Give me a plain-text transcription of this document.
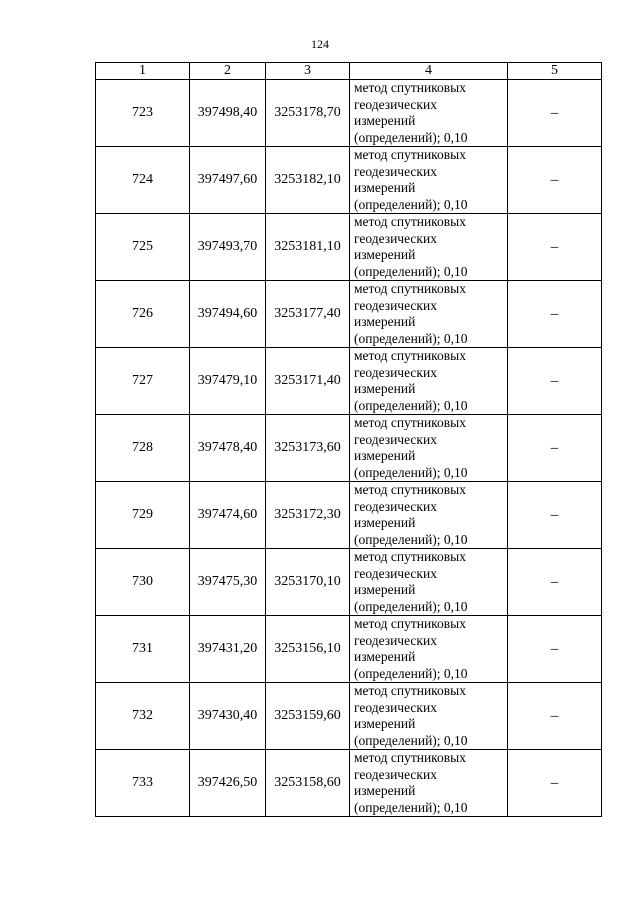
124
1	2	3	4	5
723	397498,40	3253178,70	метод спутниковых
геодезических
измерений
(определений); 0,10	–
724	397497,60	3253182,10	метод спутниковых
геодезических
измерений
(определений); 0,10	–
725	397493,70	3253181,10	метод спутниковых
геодезических
измерений
(определений); 0,10	–
726	397494,60	3253177,40	метод спутниковых
геодезических
измерений
(определений); 0,10	–
727	397479,10	3253171,40	метод спутниковых
геодезических
измерений
(определений); 0,10	–
728	397478,40	3253173,60	метод спутниковых
геодезических
измерений
(определений); 0,10	–
729	397474,60	3253172,30	метод спутниковых
геодезических
измерений
(определений); 0,10	–
730	397475,30	3253170,10	метод спутниковых
геодезических
измерений
(определений); 0,10	–
731	397431,20	3253156,10	метод спутниковых
геодезических
измерений
(определений); 0,10	–
732	397430,40	3253159,60	метод спутниковых
геодезических
измерений
(определений); 0,10	–
733	397426,50	3253158,60	метод спутниковых
геодезических
измерений
(определений); 0,10	–
